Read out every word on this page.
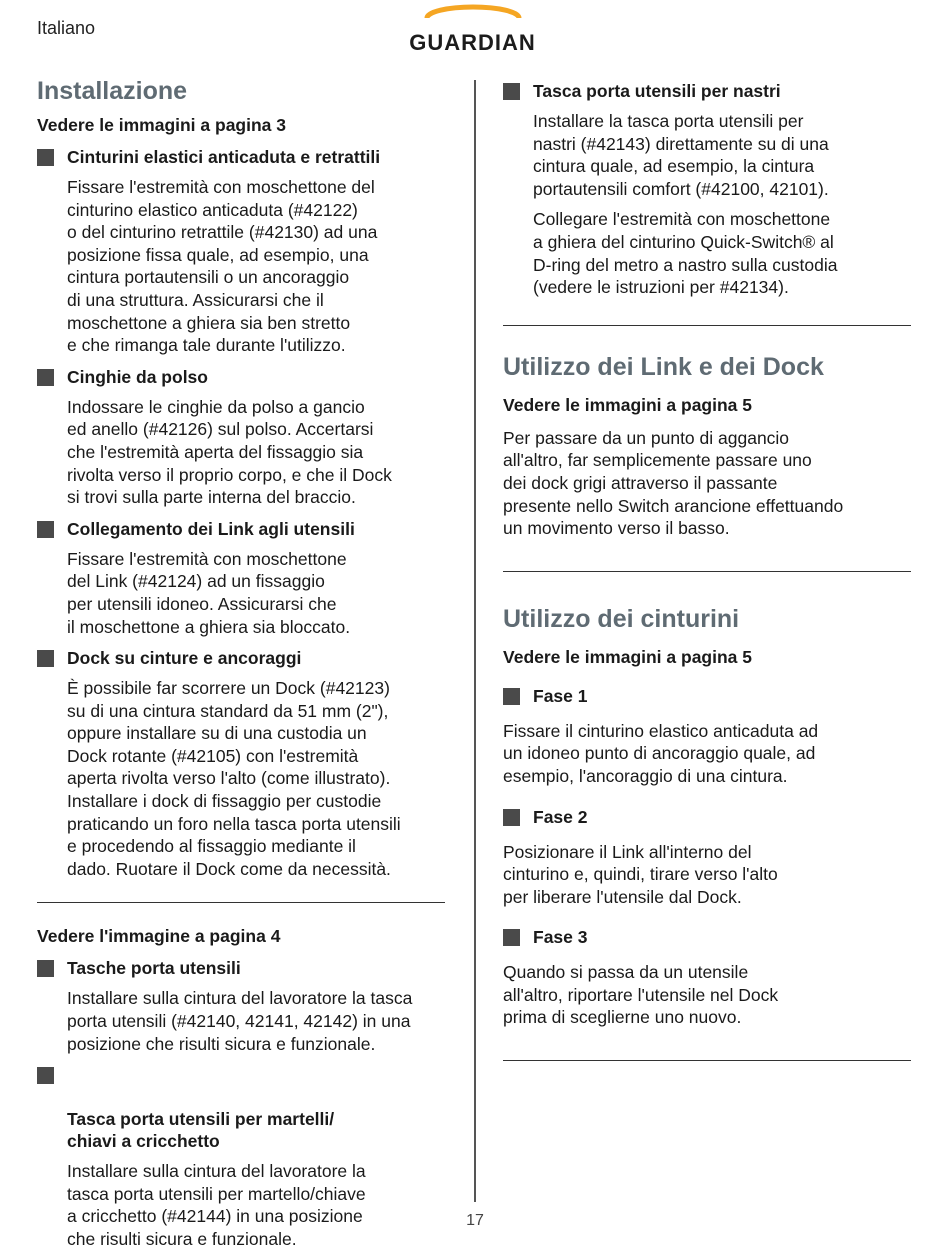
Italiano
GUARDIAN
Installazione
Vedere le immagini a pagina 3
Cinturini elastici anticaduta e retrattili
Fissare l'estremità con moschettone del
cinturino elastico anticaduta (#42122)
o del cinturino retrattile (#42130) ad una
posizione fissa quale, ad esempio, una
cintura portautensili o un ancoraggio
di una struttura. Assicurarsi che il
moschettone a ghiera sia ben stretto
e che rimanga tale durante l'utilizzo.
Cinghie da polso
Indossare le cinghie da polso a gancio
ed anello (#42126) sul polso. Accertarsi
che l'estremità aperta del fissaggio sia
rivolta verso il proprio corpo, e che il Dock
si trovi sulla parte interna del braccio.
Collegamento dei Link agli utensili
Fissare l'estremità con moschettone
del Link (#42124) ad un fissaggio
per utensili idoneo. Assicurarsi che
il moschettone a ghiera sia bloccato.
Dock su cinture e ancoraggi
È possibile far scorrere un Dock (#42123)
su di una cintura standard da 51 mm (2"),
oppure installare su di una custodia un
Dock rotante (#42105) con l'estremità
aperta rivolta verso l'alto (come illustrato).
Installare i dock di fissaggio per custodie
praticando un foro nella tasca porta utensili
e procedendo al fissaggio mediante il
dado. Ruotare il Dock come da necessità.
Vedere l'immagine a pagina 4
Tasche porta utensili
Installare sulla cintura del lavoratore la tasca
porta utensili (#42140, 42141, 42142) in una
posizione che risulti sicura e funzionale.

Tasca porta utensili per martelli/
chiavi a cricchetto

Installare sulla cintura del lavoratore la
tasca porta utensili per martello/chiave
a cricchetto (#42144) in una posizione
che risulti sicura e funzionale.
Tasca porta utensili per nastri
Installare la tasca porta utensili per
nastri (#42143) direttamente su di una
cintura quale, ad esempio, la cintura
portautensili comfort (#42100, 42101).
Collegare l'estremità con moschettone
a ghiera del cinturino Quick-Switch® al
D-ring del metro a nastro sulla custodia
(vedere le istruzioni per #42134).
Utilizzo dei Link e dei Dock
Vedere le immagini a pagina 5
Per passare da un punto di aggancio
all'altro, far semplicemente passare uno
dei dock grigi attraverso il passante
presente nello Switch arancione effettuando
un movimento verso il basso.
Utilizzo dei cinturini
Vedere le immagini a pagina 5
Fase 1
Fissare il cinturino elastico anticaduta ad
un idoneo punto di ancoraggio quale, ad
esempio, l'ancoraggio di una cintura.
Fase 2
Posizionare il Link all'interno del
cinturino e, quindi, tirare verso l'alto
per liberare l'utensile dal Dock.
Fase 3
Quando si passa da un utensile
all'altro, riportare l'utensile nel Dock
prima di sceglierne uno nuovo.
17
